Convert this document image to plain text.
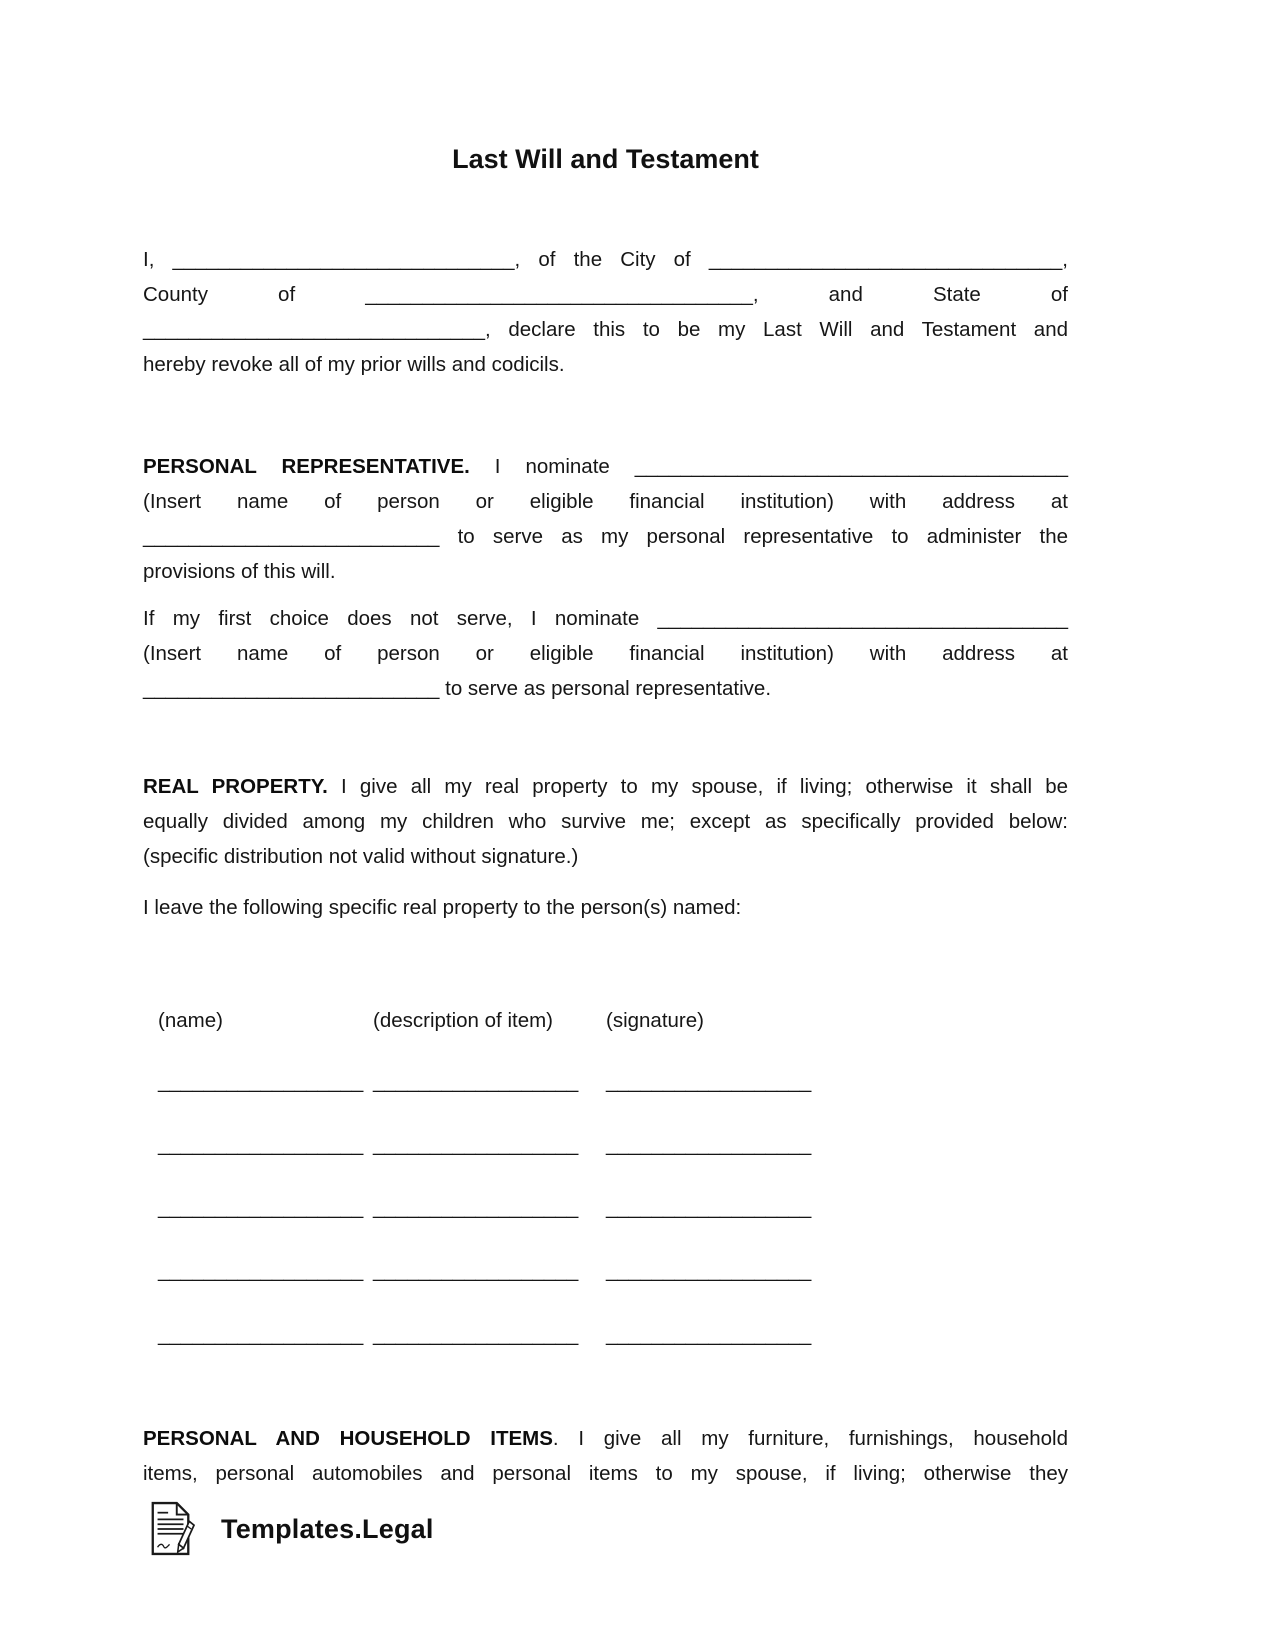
Last Will and Testament
I, ______________________________, of the City of _______________________________,
County of __________________________________, and State of
______________________________, declare this to be my Last Will and Testament and
hereby revoke all of my prior wills and codicils.
PERSONAL REPRESENTATIVE. I nominate ______________________________________
(Insert name of person or eligible financial institution) with address at
__________________________ to serve as my personal representative to administer the
provisions of this will.
If my first choice does not serve, I nominate ____________________________________
(Insert name of person or eligible financial institution) with address at
__________________________ to serve as personal representative.
REAL PROPERTY. I give all my real property to my spouse, if living; otherwise it shall be
equally divided among my children who survive me; except as specifically provided below:
(specific distribution not valid without signature.)
I leave the following specific real property to the person(s) named:
(name)	(description of item)	(signature)
__________________ __________________ __________________
__________________ __________________ __________________
__________________ __________________ __________________
__________________ __________________ __________________
__________________ __________________ __________________
PERSONAL AND HOUSEHOLD ITEMS. I give all my furniture, furnishings, household
items, personal automobiles and personal items to my spouse, if living; otherwise they
Templates.Legal
